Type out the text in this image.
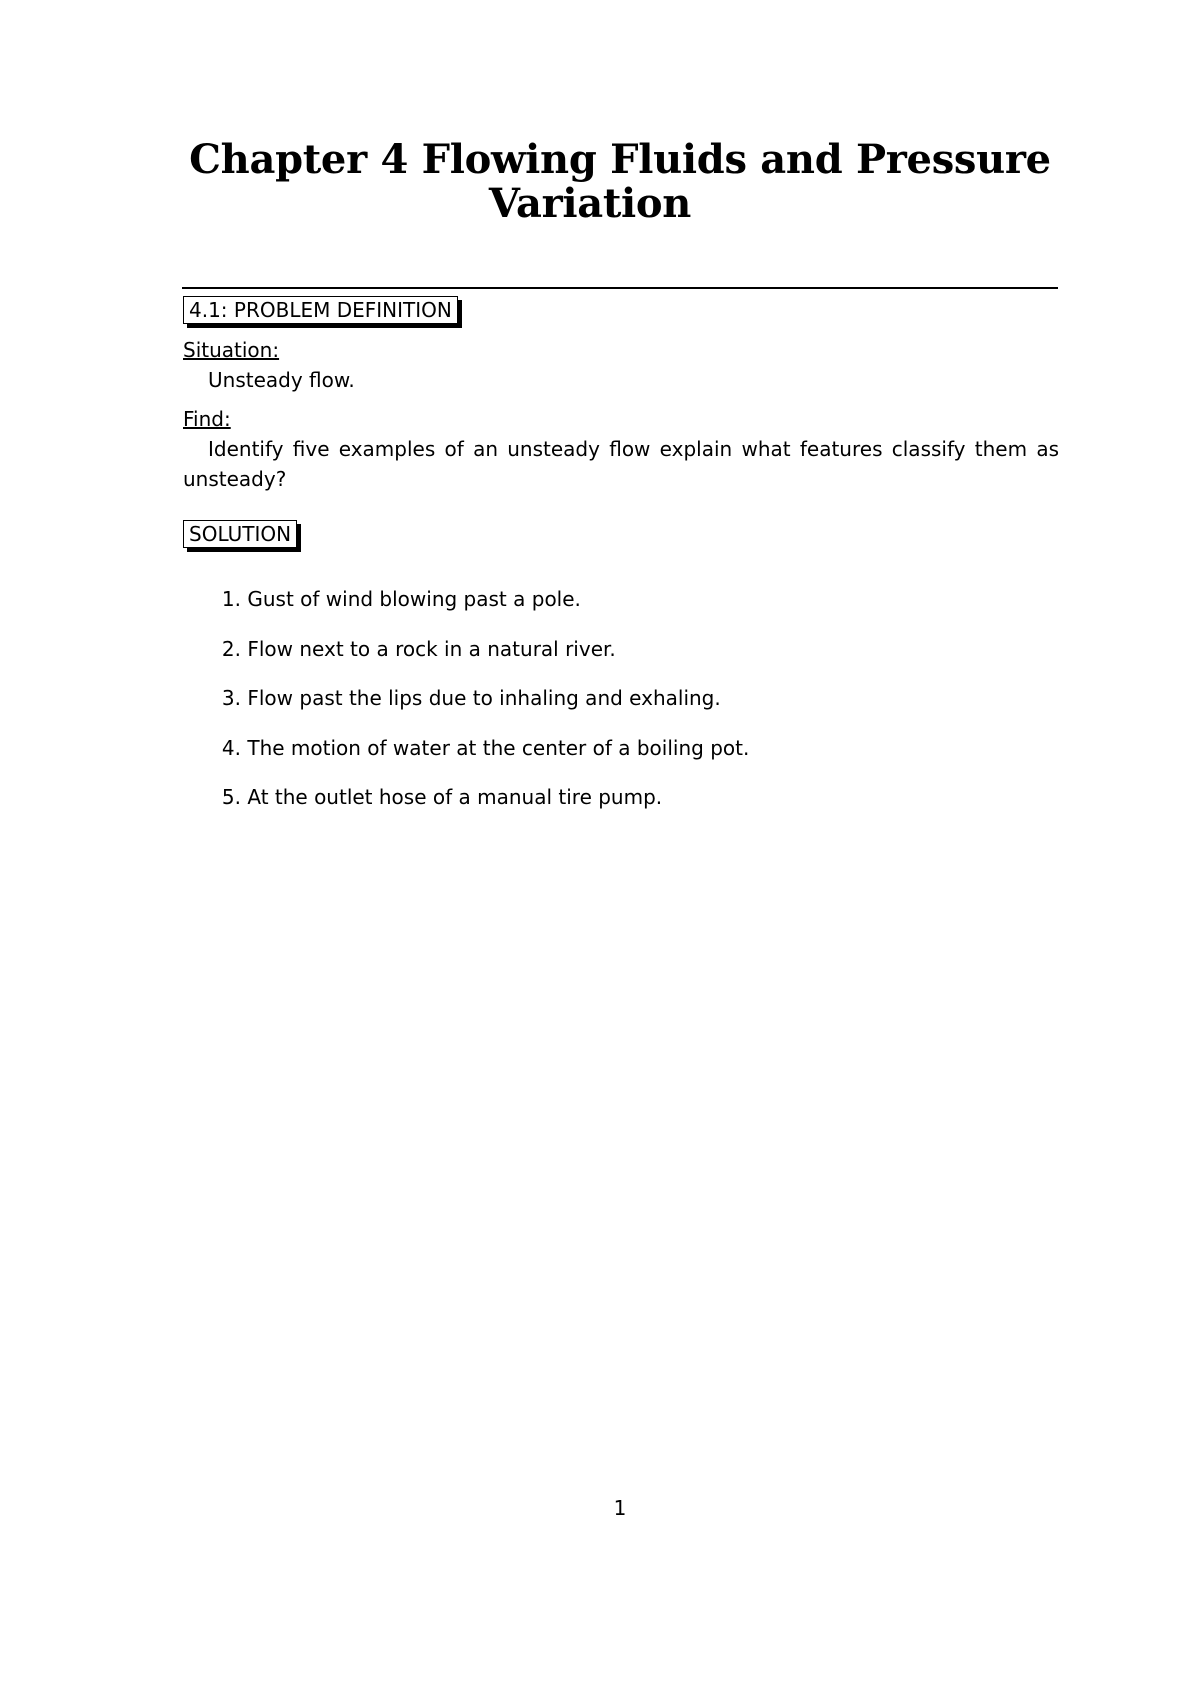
Chapter 4 Flowing Fluids and Pressure
Variation
4.1: PROBLEM DEFINITION
Situation:
Unsteady flow.
Find:
Identify five examples of an unsteady flow explain what features classify them as unsteady?
SOLUTION
1. Gust of wind blowing past a pole.
2. Flow next to a rock in a natural river.
3. Flow past the lips due to inhaling and exhaling.
4. The motion of water at the center of a boiling pot.
5. At the outlet hose of a manual tire pump.
1
